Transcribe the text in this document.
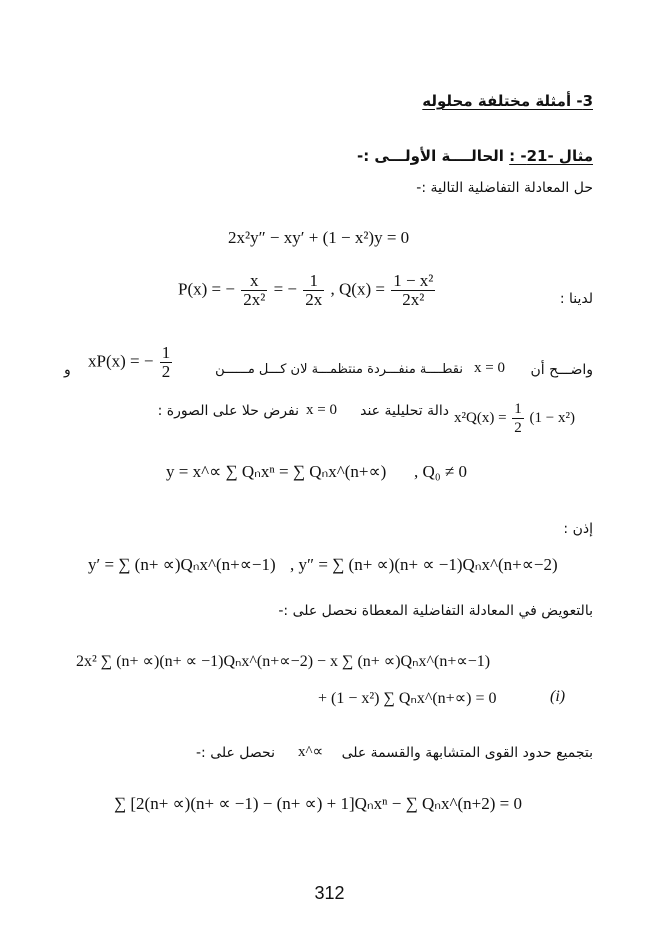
3- أمثلة مختلفة محلوله
مثال -21- : الحالــــة الأولـــى :-
حل المعادلة التفاضلية التالية :-
2x²y″ − xy′ + (1 − x²)y = 0
لدينا :
P(x) = − $\frac{x}{\text{2x²}}$ = − $\frac{1}{2x}$ , $Q(x) = \frac{\text{1 − x²}}{\text{2x²}}$
واضـــح أن
x = 0
نقطــــة منفـــردة منتظمـــة لان كـــل مــــــن
xP(x) = − $\frac{1}{2}$
و
$x^2Q(x) = \frac{1}{2} (1 - x^2)$
دالة تحليلية عند
x = 0
نفرض حلا على الصورة :
y = x^∝ ∑ Qₙxⁿ = ∑ Qₙx^(n+∝) , Q₀ ≠ 0
إذن :
y′ = ∑ (n+ ∝)Qₙx^(n+∝−1) , y″ = ∑ (n+ ∝)(n+ ∝ −1)Qₙx^(n+∝−2)
بالتعويض في المعادلة التفاضلية المعطاة نحصل على :-
2x² ∑ (n+ ∝)(n+ ∝ −1)Qₙx^(n+∝−2) − x ∑ (n+ ∝)Qₙx^(n+∝−1)
+ (1 − x²) ∑ Qₙx^(n+∝) = 0	(i)
بتجميع حدود القوى المتشابهة والقسمة على
x^∝
نحصل على :-
∑ [2(n+ ∝)(n+ ∝ −1) − (n+ ∝) + 1]Qₙxⁿ − ∑ Qₙx^(n+2) = 0
312
